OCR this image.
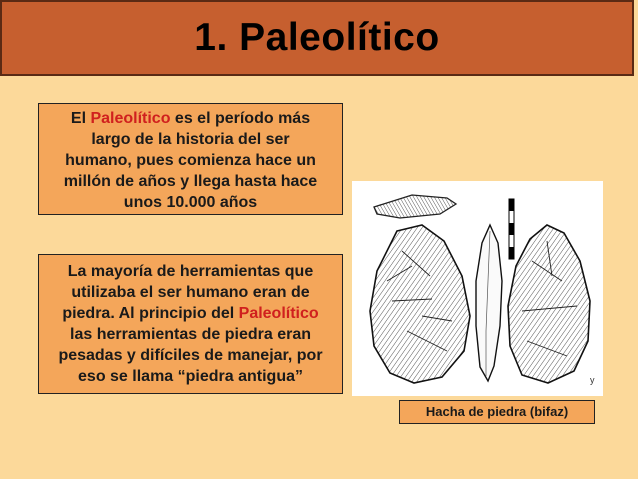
1. Paleolítico
El Paleolítico es el período más
largo de la historia del ser
humano, pues comienza hace un
millón de años y llega hasta hace
unos 10.000 años
La mayoría de herramientas que
utilizaba el ser humano eran de
piedra. Al principio del Paleolítico
las herramientas de piedra eran
pesadas y difíciles de manejar, por
eso se llama “piedra antigua”	y
Hacha de piedra (bifaz)
